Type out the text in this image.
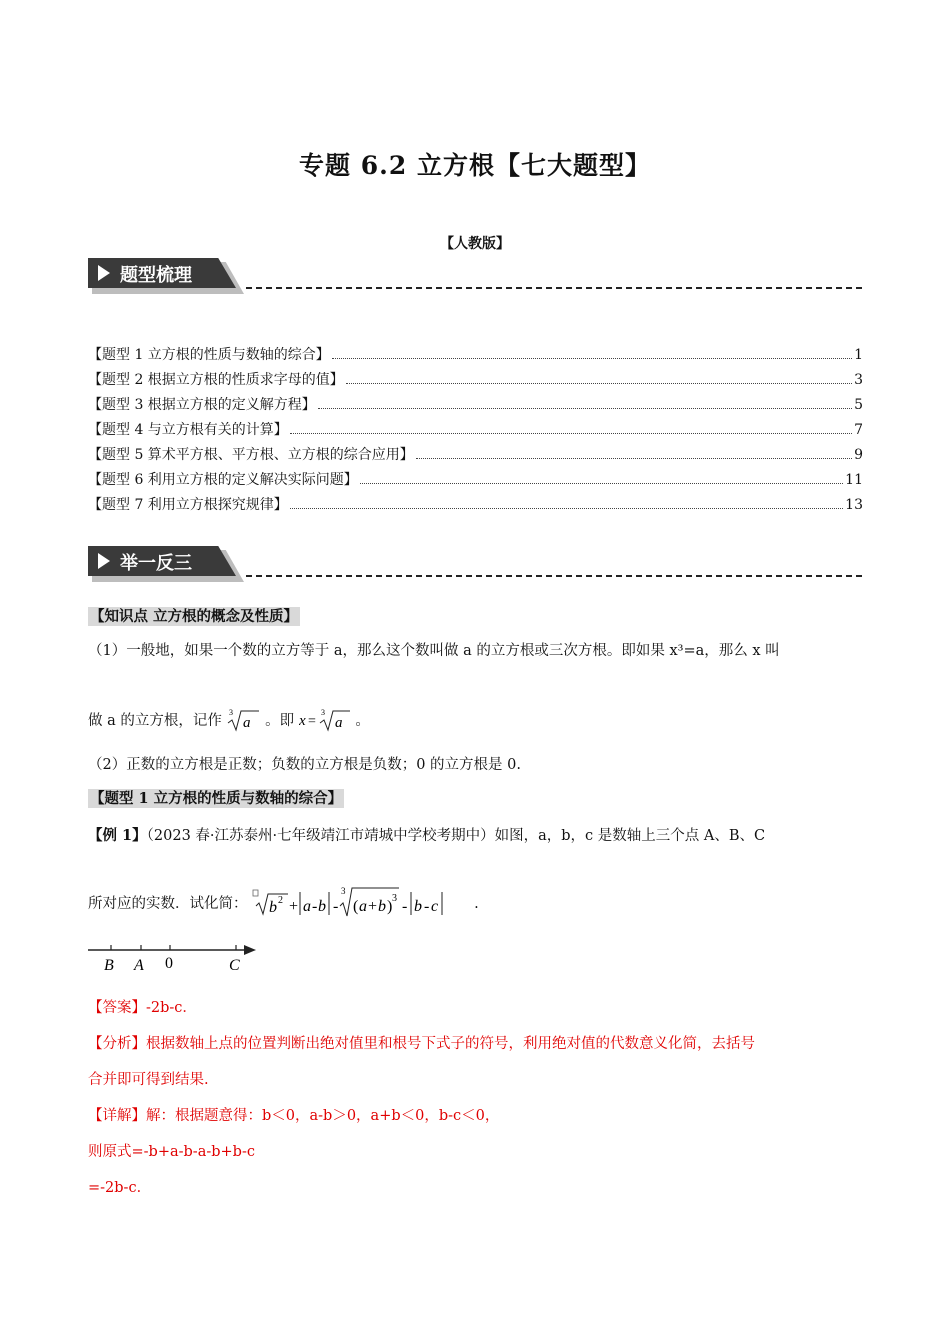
专题 6.2 立方根【七大题型】
【人教版】
题型梳理
【题型 1 立方根的性质与数轴的综合】	1
【题型 2 根据立方根的性质求字母的值】	3
【题型 3 根据立方根的定义解方程】	5
【题型 4 与立方根有关的计算】	7
【题型 5 算术平方根、平方根、立方根的综合应用】	9
【题型 6 利用立方根的定义解决实际问题】	11
【题型 7 利用立方根探究规律】	13
举一反三
【知识点 立方根的概念及性质】
（1）一般地，如果一个数的立方等于 a，那么这个数叫做 a 的立方根或三次方根。即如果 x³=a，那么 x 叫
做 a 的立方根，记作
3
a 。即 x =
3
a 。
（2）正数的立方根是正数；负数的立方根是负数；0 的立方根是 0.
【题型 1 立方根的性质与数轴的综合】
【例 1】（2023 春·江苏泰州·七年级靖江市靖城中学校考期中）如图，a，b，c 是数轴上三个点 A、B、C
所对应的实数．试化简： b 2 + a - b -
3
( a + b ) 3 - b - c .
B A 0	C
【答案】-2b-c．
【分析】根据数轴上点的位置判断出绝对值里和根号下式子的符号，利用绝对值的代数意义化简，去括号
合并即可得到结果.
【详解】解：根据题意得：b＜0，a-b＞0，a+b＜0，b-c＜0，
则原式=-b+a-b-a-b+b-c
=-2b-c．
